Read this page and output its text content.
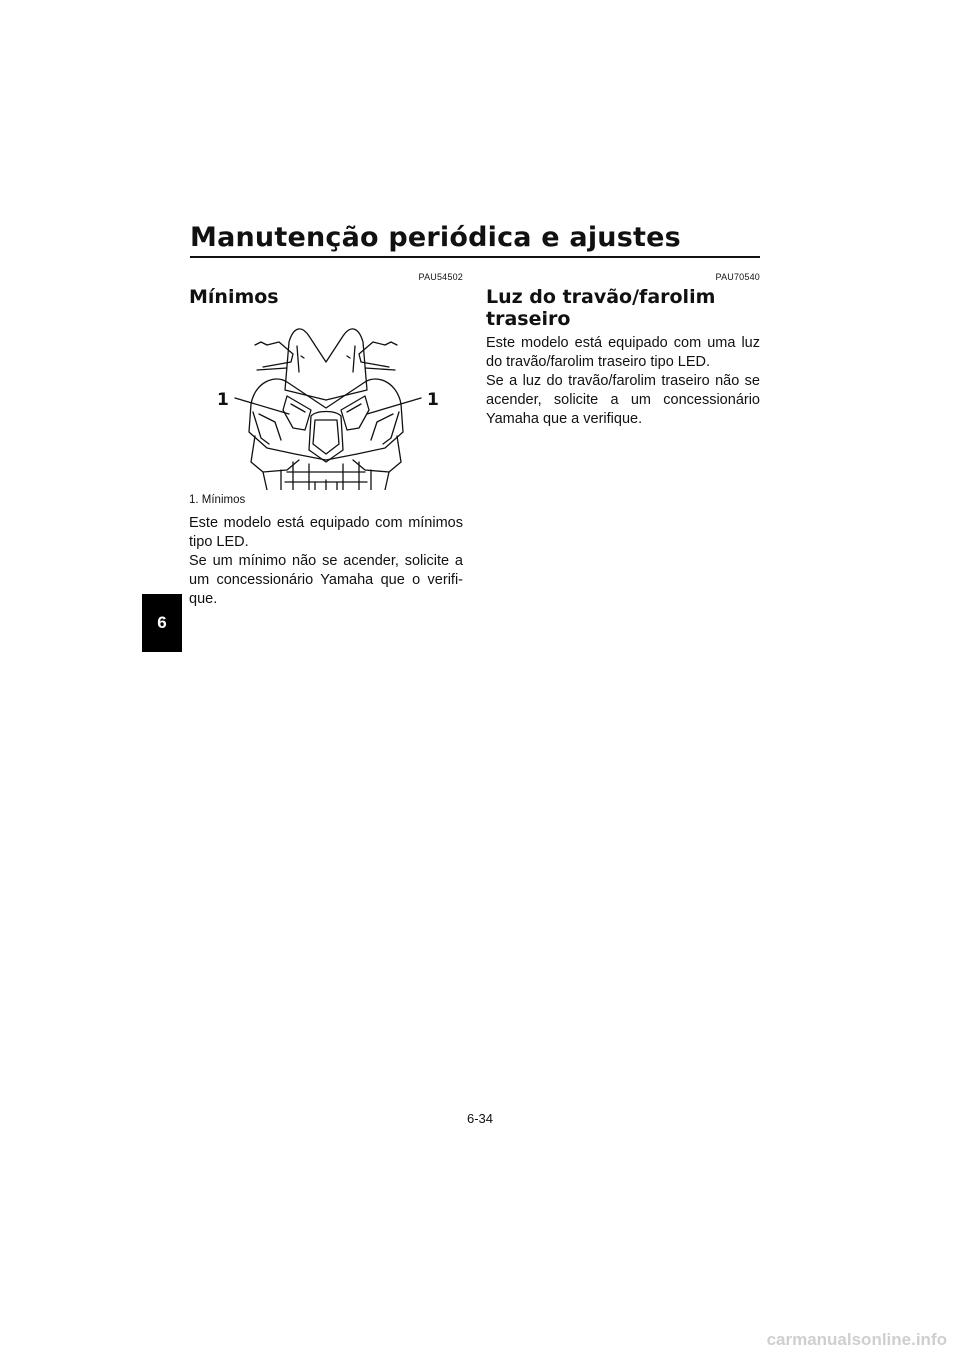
Manutenção periódica e ajustes
6
PAU54502
Mínimos
1	1
1. Mínimos

Este modelo está equipado com mínimos tipo LED.

Se um mínimo não se acender, solicite a um concessionário Yamaha que o verifi-que.

PAU70540
Luz do travão/farolim traseiro

Este modelo está equipado com uma luz do travão/farolim traseiro tipo LED.

Se a luz do travão/farolim traseiro não se acender, solicite a um concessionário Yamaha que a verifique.

6-34
carmanualsonline.info
